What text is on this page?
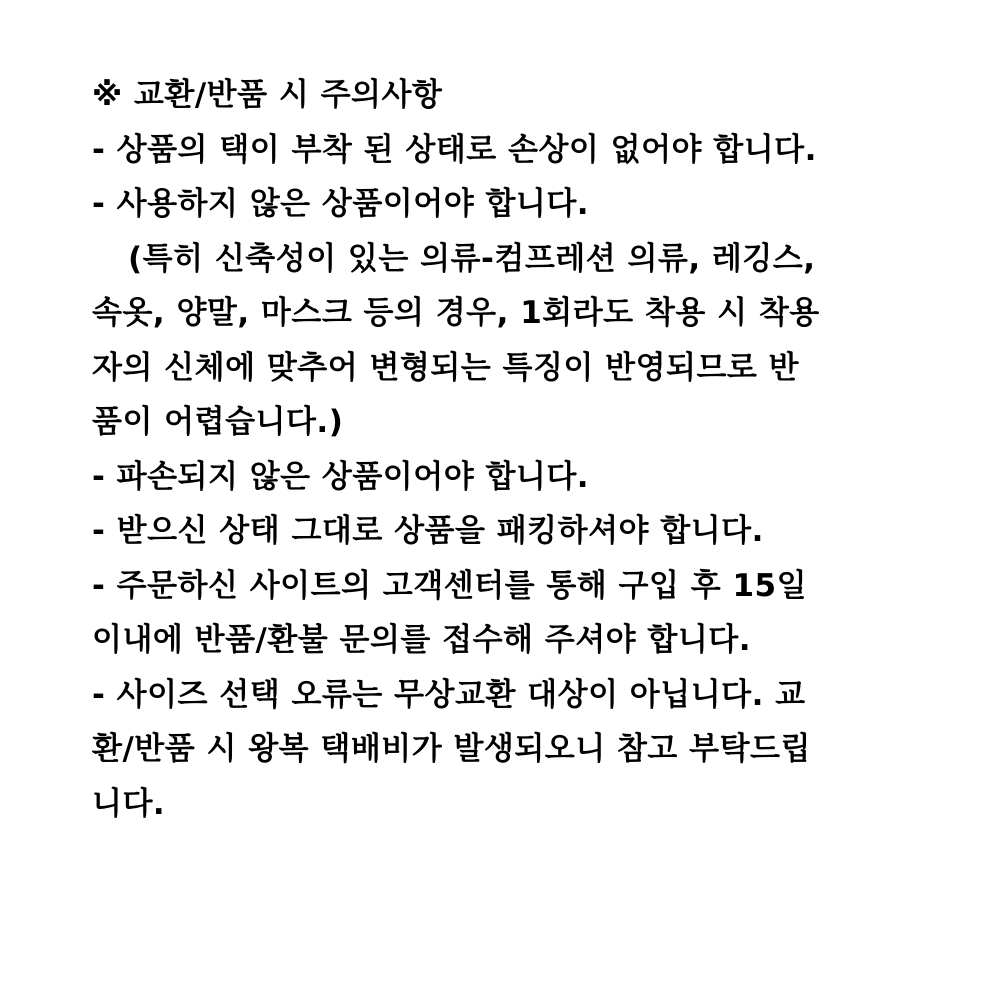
※ 교환/반품 시 주의사항
- 상품의 택이 부착 된 상태로 손상이 없어야 합니다.
- 사용하지 않은 상품이어야 합니다.
(특히 신축성이 있는 의류-컴프레션 의류, 레깅스,
속옷, 양말, 마스크 등의 경우, 1회라도 착용 시 착용
자의 신체에 맞추어 변형되는 특징이 반영되므로 반
품이 어렵습니다.)
- 파손되지 않은 상품이어야 합니다.
- 받으신 상태 그대로 상품을 패킹하셔야 합니다.
- 주문하신 사이트의 고객센터를 통해 구입 후 15일
이내에 반품/환불 문의를 접수해 주셔야 합니다.
- 사이즈 선택 오류는 무상교환 대상이 아닙니다. 교
환/반품 시 왕복 택배비가 발생되오니 참고 부탁드립
니다.
